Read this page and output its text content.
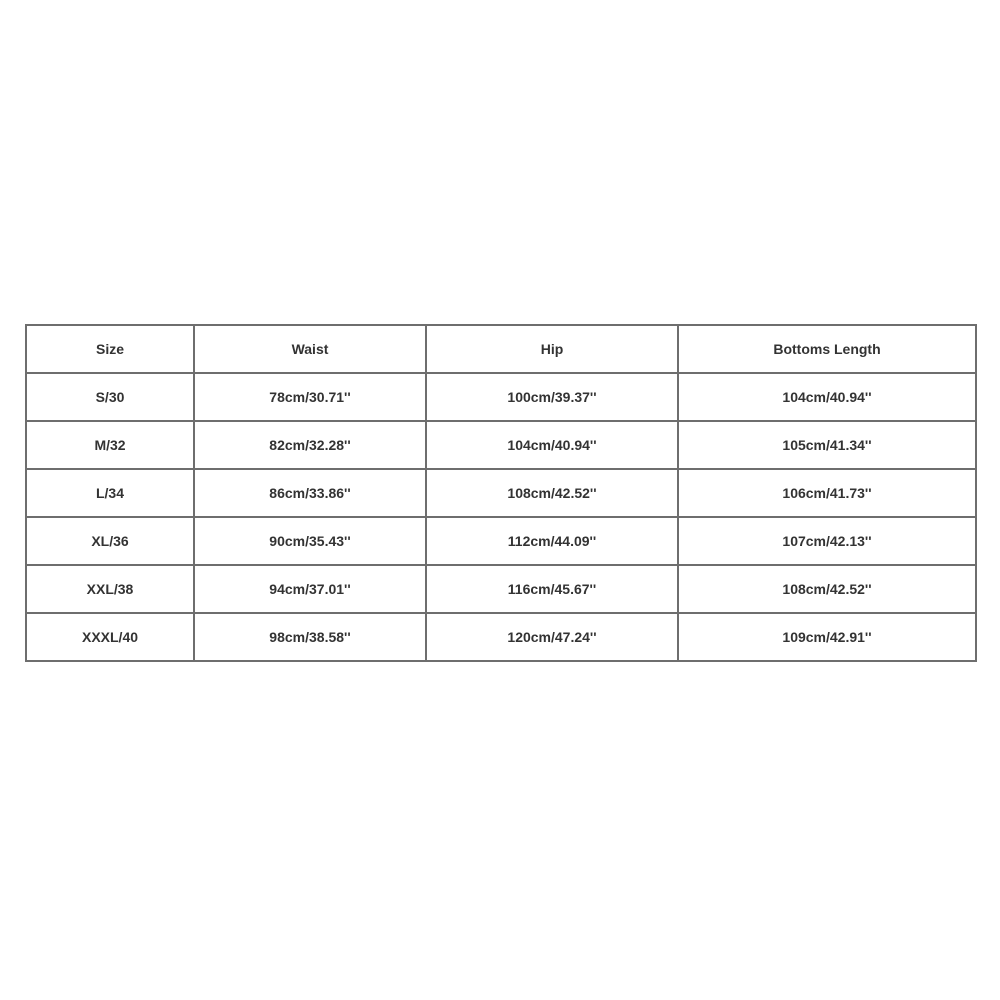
Size	Waist	Hip	Bottoms Length
S/30	78cm/30.71''	100cm/39.37''	104cm/40.94''
M/32	82cm/32.28''	104cm/40.94''	105cm/41.34''
L/34	86cm/33.86''	108cm/42.52''	106cm/41.73''
XL/36	90cm/35.43''	112cm/44.09''	107cm/42.13''
XXL/38	94cm/37.01''	116cm/45.67''	108cm/42.52''
XXXL/40	98cm/38.58''	120cm/47.24''	109cm/42.91''
